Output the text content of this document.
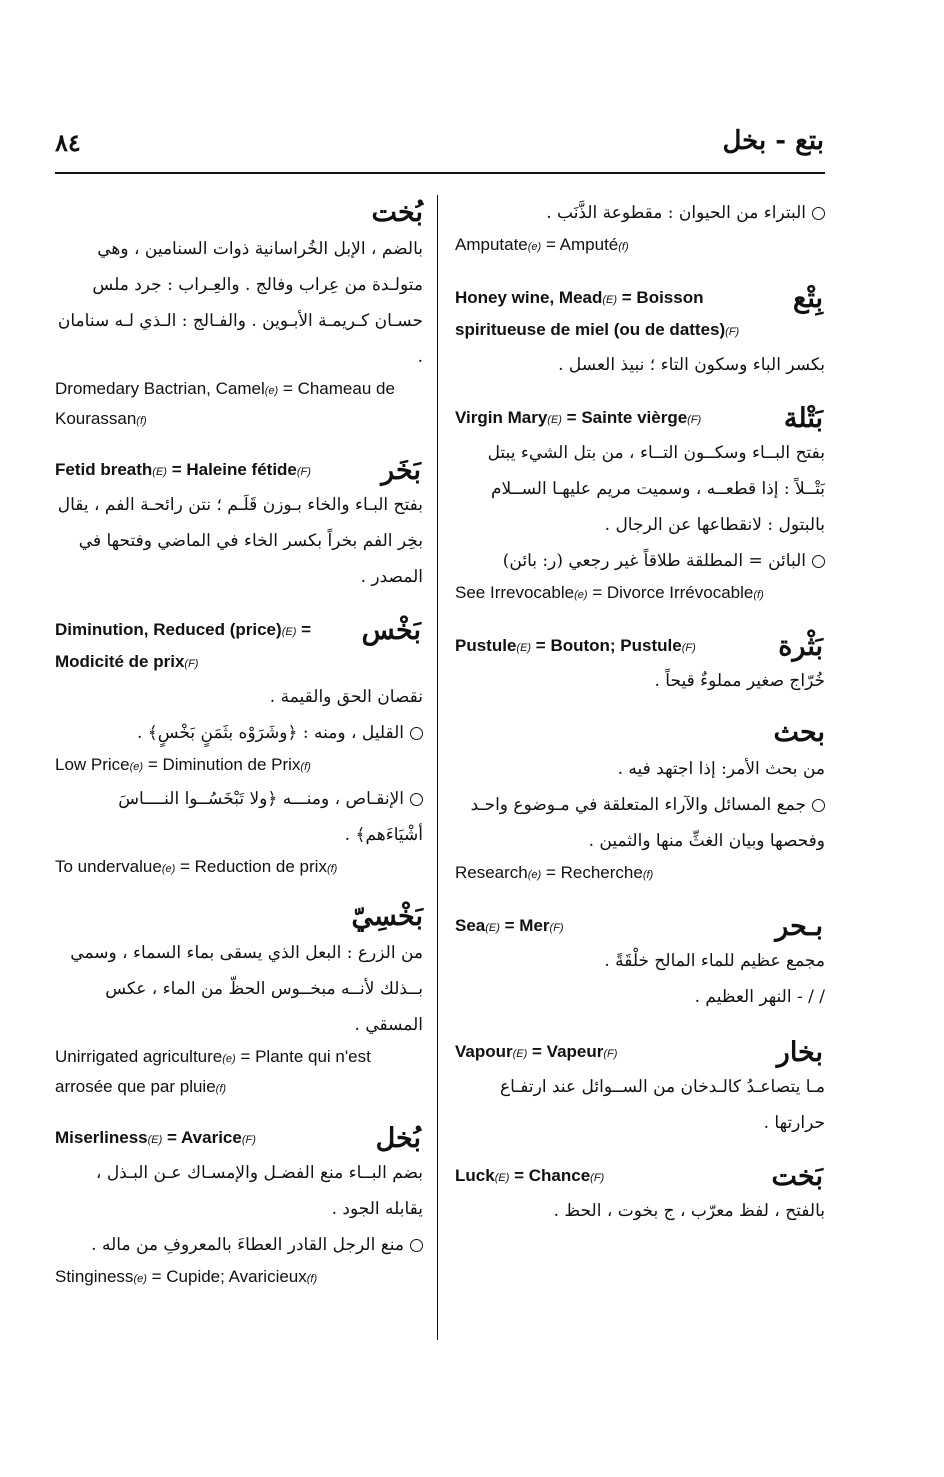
بتع - بخل
٨٤
البتراء من الحيوان : مقطوعة الذَّنَب .
Amputate(e) = Amputé(f)
بِتْع
Honey wine, Mead(E) = Boisson spiritueuse de miel (ou de dattes)(F)
بكسر الباء وسكون التاء ؛ نبيذ العسل .
بَتْلة
Virgin Mary(E) = Sainte vièrge(F)
بفتح البــاء وسكــون التــاء ، من بتل الشيء يبتل بَتْــلاً : إذا قطعــه ، وسميت مريم عليهـا الســلام بالبتول : لانقطاعها عن الرجال .
البائن = المطلقة طلاقاً غير رجعي (ر: بائن)
See Irrevocable(e) = Divorce Irrévocable(f)
بَثْرة
Pustule(E) = Bouton; Pustule(F)
خُرّاج صغير مملوءٌ قيحاً .
بحث
من بحث الأمر: إذا اجتهد فيه .
جمع المسائل والآراء المتعلقة في مـوضوع واحـد وفحصها وبيان الغثِّ منها والثمين .
Research(e) = Recherche(f)
بـحر
Sea(E) = Mer(F)
مجمع عظيم للماء المالح خلْقَةً .
/ / - النهر العظيم .
بخار
Vapour(E) = Vapeur(F)
مـا يتصاعـدُ كالـدخان من الســوائل عند ارتفـاع حرارتها .
بَخت
Luck(E) = Chance(F)
بالفتح ، لفظ معرّب ، ج بخوت ، الحظ .
بُخت
بالضم ، الإبل الخُراسانية ذوات السنامين ، وهي متولـدة من عِراب وفالج . والعِـراب : جرد ملس حسـان كـريمـة الأبـوين . والفـالج : الـذي لـه سنامان .
Dromedary Bactrian, Camel(e) = Chameau de Kourassan(f)
بَخَر
Fetid breath(E) = Haleine fétide(F)
بفتح البـاء والخاء بـوزن قَلَـم ؛ نتن رائحـة الفم ، يقال بخِر الفم بخراً بكسر الخاء في الماضي وفتحها في المصدر .
بَخْس
Diminution, Reduced (price)(E) = Modicité de prix(F)
نقصان الحق والقيمة .
القليل ، ومنه : ﴿وشَرَوْه بثَمَنٍ بَخْسٍ﴾ .
Low Price(e) = Diminution de Prix(f)
الإنقـاص ، ومنـــه ﴿ولا تَبْخَسُــوا النــــاسَ أشْيَاءَهم﴾ .
To undervalue(e) = Reduction de prix(f)
بَخْسِيّ
من الزرع : البعل الذي يسقى بماء السماء ، وسمي بــذلك لأنــه مبخــوس الحظّ من الماء ، عكس المسقي .
Unirrigated agriculture(e) = Plante qui n'est arrosée que par pluie(f)
بُخل
Miserliness(E) = Avarice(F)
بضم البــاء منع الفضـل والإمسـاك عـن البـذل ، يقابله الجود .
منع الرجل القادر العطاءَ بالمعروفِ من ماله .
Stinginess(e) = Cupide; Avaricieux(f)
